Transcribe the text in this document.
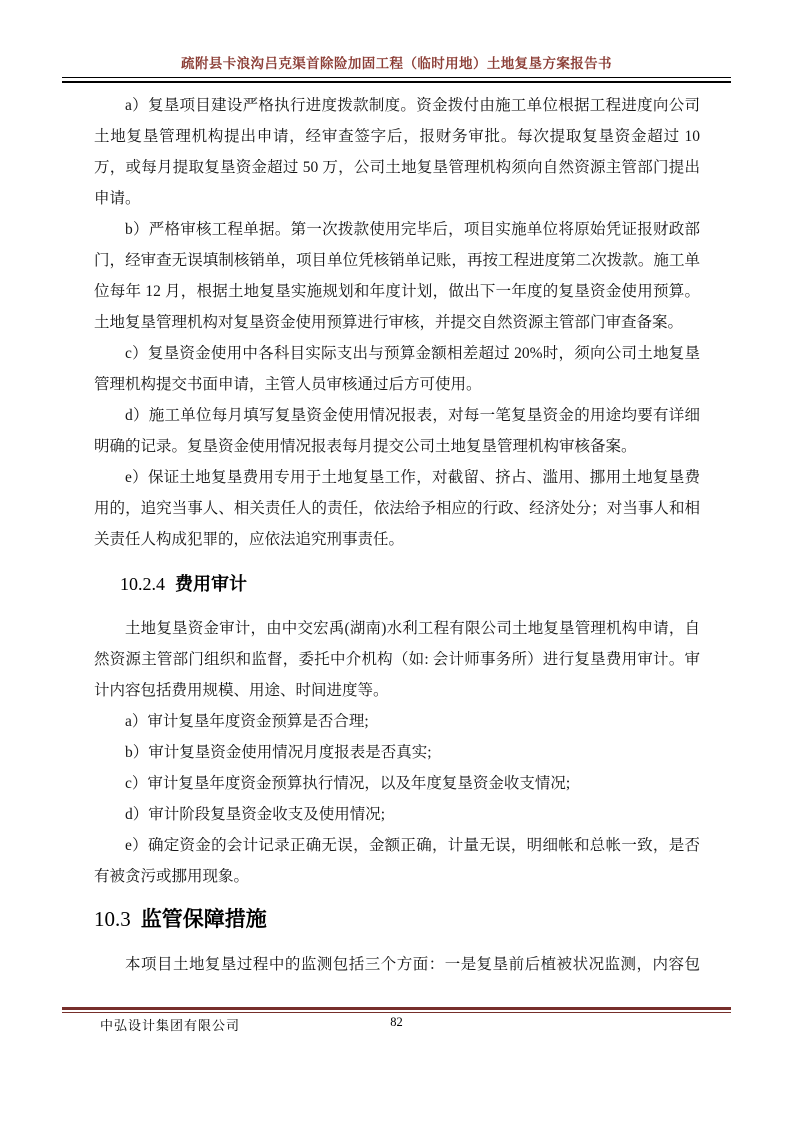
疏附县卡浪沟吕克渠首除险加固工程（临时用地）土地复垦方案报告书

a）复垦项目建设严格执行进度拨款制度。资金拨付由施工单位根据工程进度向公司土地复垦管理机构提出申请，经审查签字后，报财务审批。每次提取复垦资金超过 10 万，或每月提取复垦资金超过 50 万，公司土地复垦管理机构须向自然资源主管部门提出申请。

b）严格审核工程单据。第一次拨款使用完毕后，项目实施单位将原始凭证报财政部门，经审查无误填制核销单，项目单位凭核销单记账，再按工程进度第二次拨款。施工单位每年 12 月，根据土地复垦实施规划和年度计划，做出下一年度的复垦资金使用预算。土地复垦管理机构对复垦资金使用预算进行审核，并提交自然资源主管部门审查备案。

c）复垦资金使用中各科目实际支出与预算金额相差超过 20%时，须向公司土地复垦管理机构提交书面申请，主管人员审核通过后方可使用。

d）施工单位每月填写复垦资金使用情况报表，对每一笔复垦资金的用途均要有详细明确的记录。复垦资金使用情况报表每月提交公司土地复垦管理机构审核备案。

e）保证土地复垦费用专用于土地复垦工作，对截留、挤占、滥用、挪用土地复垦费用的，追究当事人、相关责任人的责任，依法给予相应的行政、经济处分；对当事人和相关责任人构成犯罪的，应依法追究刑事责任。

10.2.4 费用审计

土地复垦资金审计，由中交宏禹(湖南)水利工程有限公司土地复垦管理机构申请，自然资源主管部门组织和监督，委托中介机构（如: 会计师事务所）进行复垦费用审计。审计内容包括费用规模、用途、时间进度等。

a）审计复垦年度资金预算是否合理;

b）审计复垦资金使用情况月度报表是否真实;

c）审计复垦年度资金预算执行情况，以及年度复垦资金收支情况;

d）审计阶段复垦资金收支及使用情况;

e）确定资金的会计记录正确无误，金额正确，计量无误，明细帐和总帐一致，是否有被贪污或挪用现象。

10.3 监管保障措施

本项目土地复垦过程中的监测包括三个方面：一是复垦前后植被状况监测，内容包

中弘设计集团有限公司	82
